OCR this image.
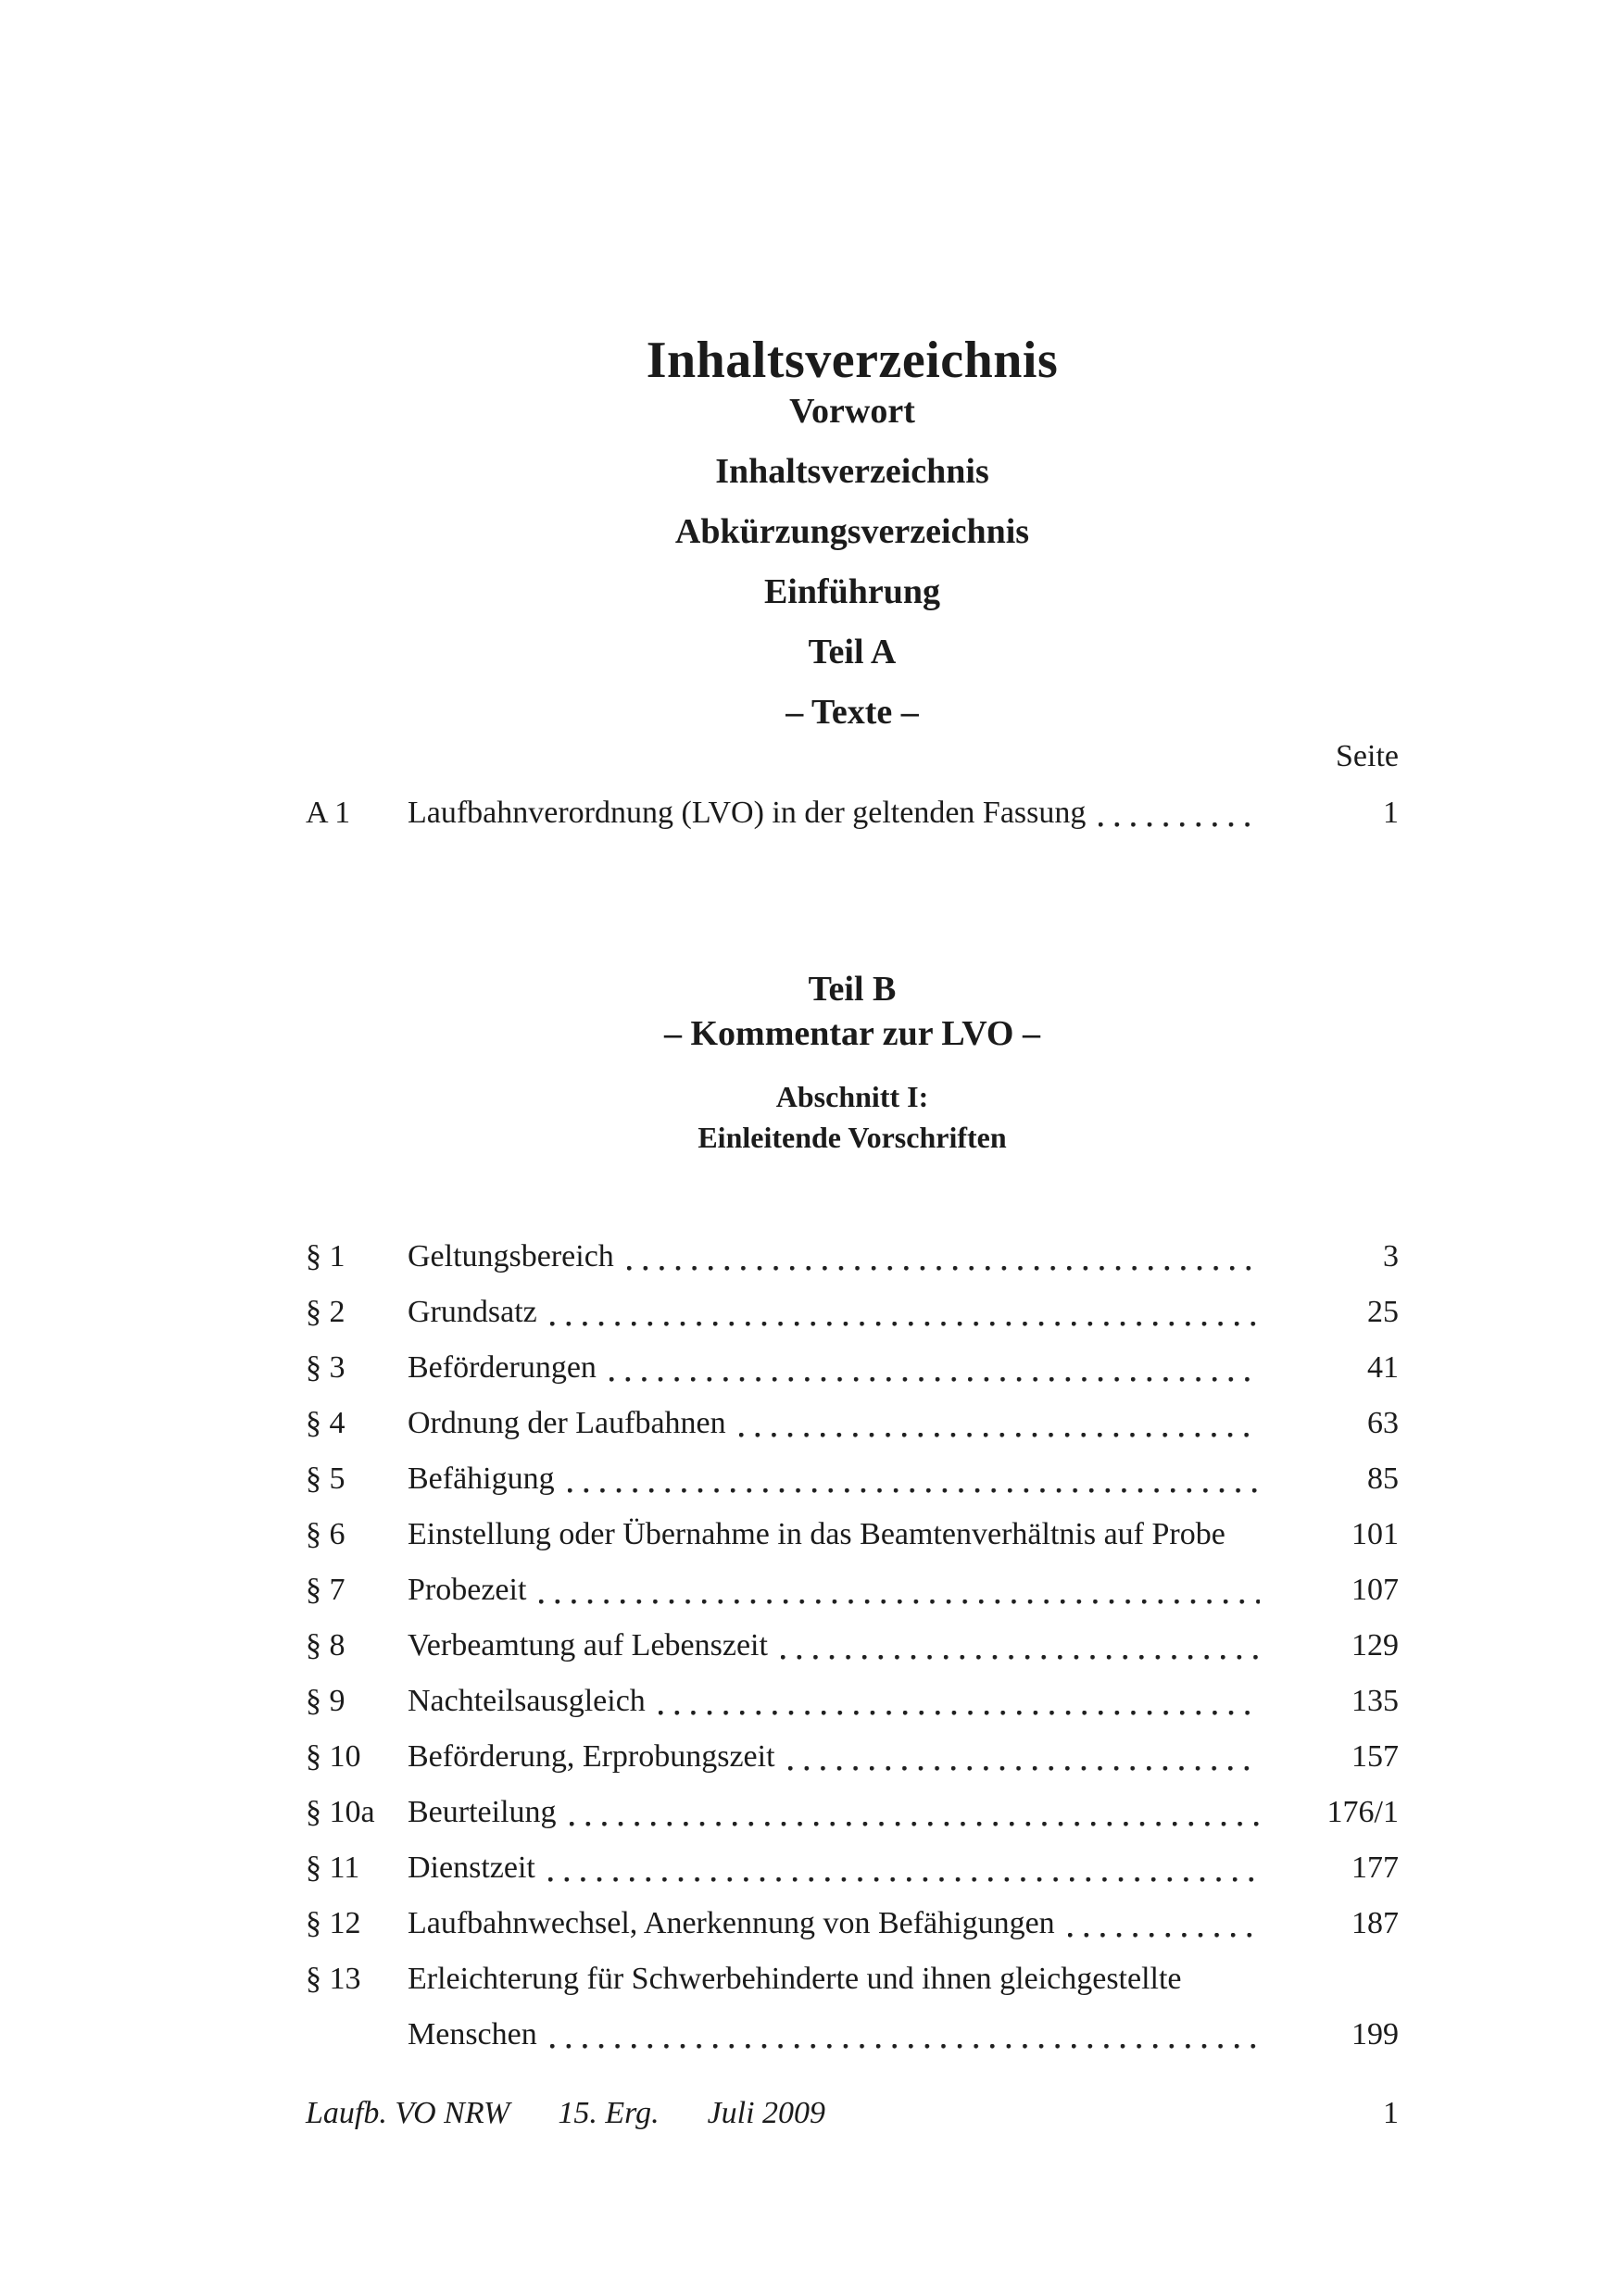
Inhaltsverzeichnis
Vorwort
Inhaltsverzeichnis
Abkürzungsverzeichnis
Einführung
Teil A
– Texte –
Seite
A 1	Laufbahnverordnung (LVO) in der geltenden Fassung	1
Teil B
– Kommentar zur LVO –
Abschnitt I:
Einleitende Vorschriften
§ 1	Geltungsbereich	3
§ 2	Grundsatz	25
§ 3	Beförderungen	41
§ 4	Ordnung der Laufbahnen	63
§ 5	Befähigung	85
§ 6	Einstellung oder Übernahme in das Beamtenverhältnis auf Probe	101
§ 7	Probezeit	107
§ 8	Verbeamtung auf Lebenszeit	129
§ 9	Nachteilsausgleich	135
§ 10	Beförderung, Erprobungszeit	157
§ 10a	Beurteilung	176/1
§ 11	Dienstzeit	177
§ 12	Laufbahnwechsel, Anerkennung von Befähigungen	187
§ 13	Erleichterung für Schwerbehinderte und ihnen gleichgestellte
Menschen	199
Laufb. VO NRW 15. Erg. Juli 2009	1
